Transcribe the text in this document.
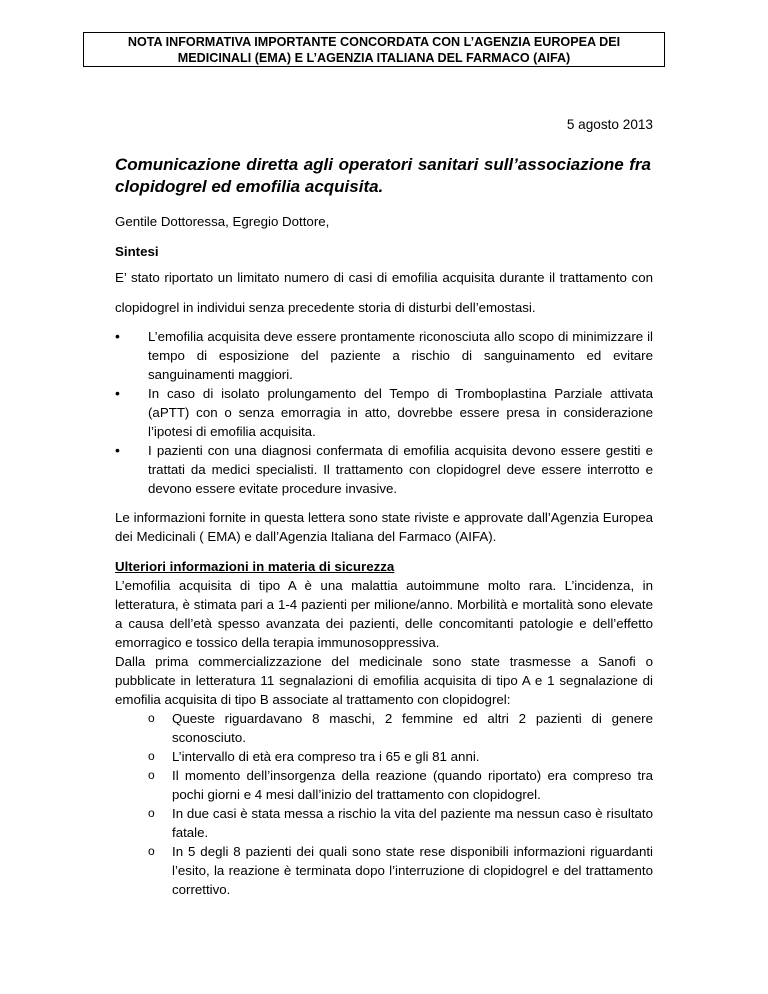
NOTA INFORMATIVA IMPORTANTE CONCORDATA CON L’AGENZIA EUROPEA DEI
MEDICINALI (EMA) E L’AGENZIA ITALIANA DEL FARMACO (AIFA)
5 agosto 2013
Comunicazione diretta agli operatori sanitari sull’associazione fra clopidogrel ed emofilia acquisita.

Gentile Dottoressa, Egregio Dottore,

Sintesi

E’ stato riportato un limitato numero di casi di emofilia acquisita durante il trattamento con clopidogrel in individui senza precedente storia di disturbi dell’emostasi.

• L’emofilia acquisita deve essere prontamente riconosciuta allo scopo di minimizzare il tempo di esposizione del paziente a rischio di sanguinamento ed evitare sanguinamenti maggiori.
• In caso di isolato prolungamento del Tempo di Tromboplastina Parziale attivata (aPTT) con o senza emorragia in atto, dovrebbe essere presa in considerazione l’ipotesi di emofilia acquisita.
• I pazienti con una diagnosi confermata di emofilia acquisita devono essere gestiti e trattati da medici specialisti. Il trattamento con clopidogrel deve essere interrotto e devono essere evitate procedure invasive.

Le informazioni fornite in questa lettera sono state riviste e approvate dall’Agenzia Europea dei Medicinali ( EMA) e dall’Agenzia Italiana del Farmaco (AIFA).

Ulteriori informazioni in materia di sicurezza

L’emofilia acquisita di tipo A è una malattia autoimmune molto rara. L’incidenza, in letteratura, è stimata pari a 1-4 pazienti per milione/anno. Morbilità e mortalità sono elevate a causa dell’età spesso avanzata dei pazienti, delle concomitanti patologie e dell’effetto emorragico e tossico della terapia immunosoppressiva.

Dalla prima commercializzazione del medicinale sono state trasmesse a Sanofi o pubblicate in letteratura 11 segnalazioni di emofilia acquisita di tipo A e 1 segnalazione di emofilia acquisita di tipo B associate al trattamento con clopidogrel:

o Queste riguardavano 8 maschi, 2 femmine ed altri 2 pazienti di genere sconosciuto.
o L’intervallo di età era compreso tra i 65 e gli 81 anni.
o Il momento dell’insorgenza della reazione (quando riportato) era compreso tra pochi giorni e 4 mesi dall’inizio del trattamento con clopidogrel.
o In due casi è stata messa a rischio la vita del paziente ma nessun caso è risultato fatale.
o In 5 degli 8 pazienti dei quali sono state rese disponibili informazioni riguardanti l’esito, la reazione è terminata dopo l’interruzione di clopidogrel e del trattamento correttivo.
